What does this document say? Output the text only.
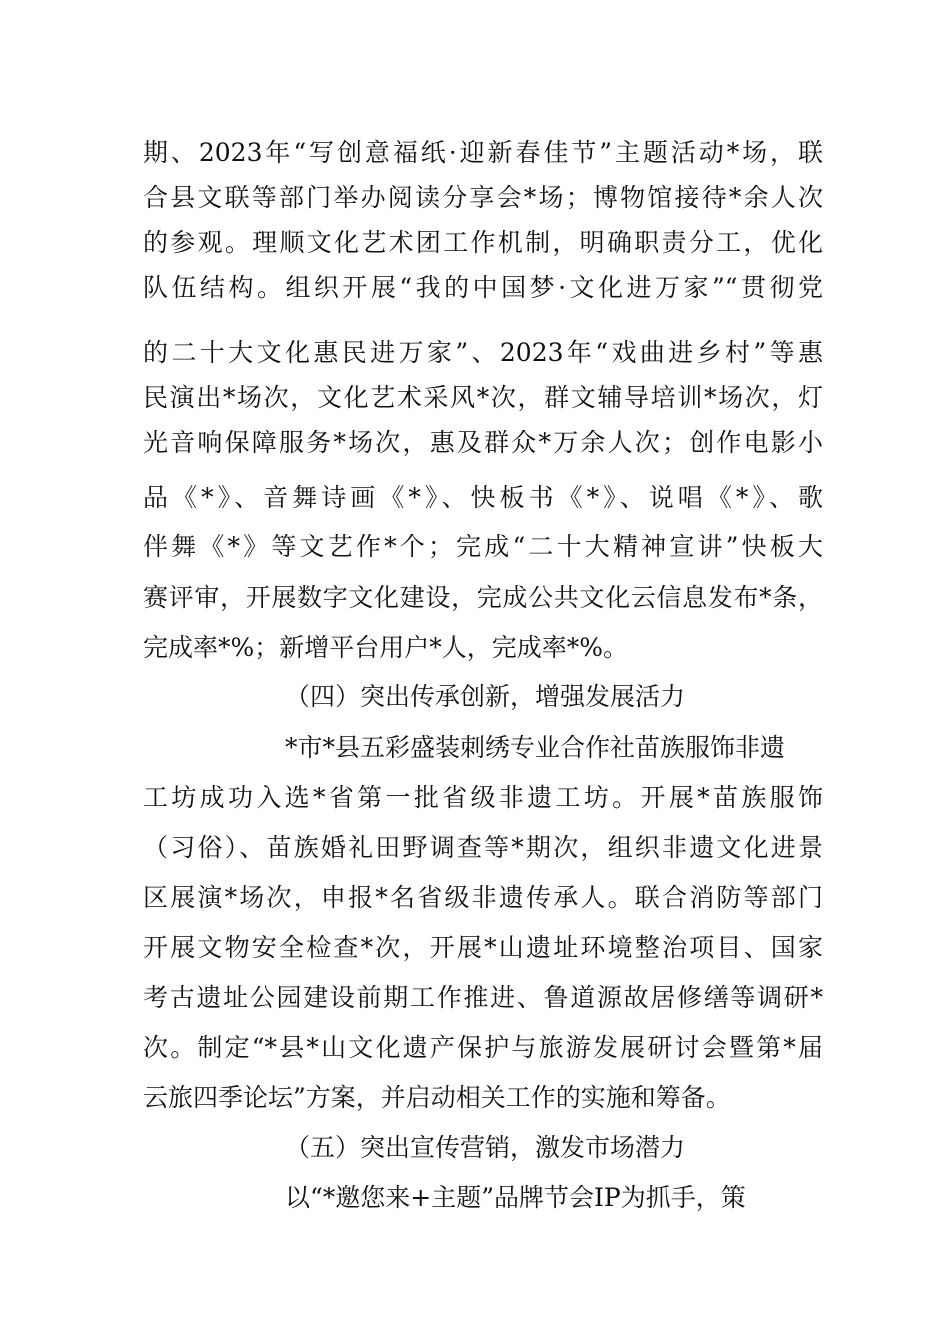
期、2023年“写创意福纸·迎新春佳节”主题活动*场，联
合县文联等部门举办阅读分享会*场；博物馆接待*余人次
的参观。理顺文化艺术团工作机制，明确职责分工，优化
队伍结构。组织开展“我的中国梦·文化进万家”“贯彻党
的二十大文化惠民进万家”、2023年“戏曲进乡村”等惠
民演出*场次，文化艺术采风*次，群文辅导培训*场次，灯
光音响保障服务*场次，惠及群众*万余人次；创作电影小
品《*》、音舞诗画《*》、快板书《*》、说唱《*》、歌
伴舞《*》等文艺作*个；完成“二十大精神宣讲”快板大
赛评审，开展数字文化建设，完成公共文化云信息发布*条，
完成率*%；新增平台用户*人，完成率*%。
（四）突出传承创新，增强发展活力
*市*县五彩盛装刺绣专业合作社苗族服饰非遗
工坊成功入选*省第一批省级非遗工坊。开展*苗族服饰
（习俗）、苗族婚礼田野调查等*期次，组织非遗文化进景
区展演*场次，申报*名省级非遗传承人。联合消防等部门
开展文物安全检查*次，开展*山遗址环境整治项目、国家
考古遗址公园建设前期工作推进、鲁道源故居修缮等调研*
次。制定“*县*山文化遗产保护与旅游发展研讨会暨第*届
云旅四季论坛”方案，并启动相关工作的实施和筹备。
（五）突出宣传营销，激发市场潜力
以“*邀您来+主题”品牌节会IP为抓手，策
